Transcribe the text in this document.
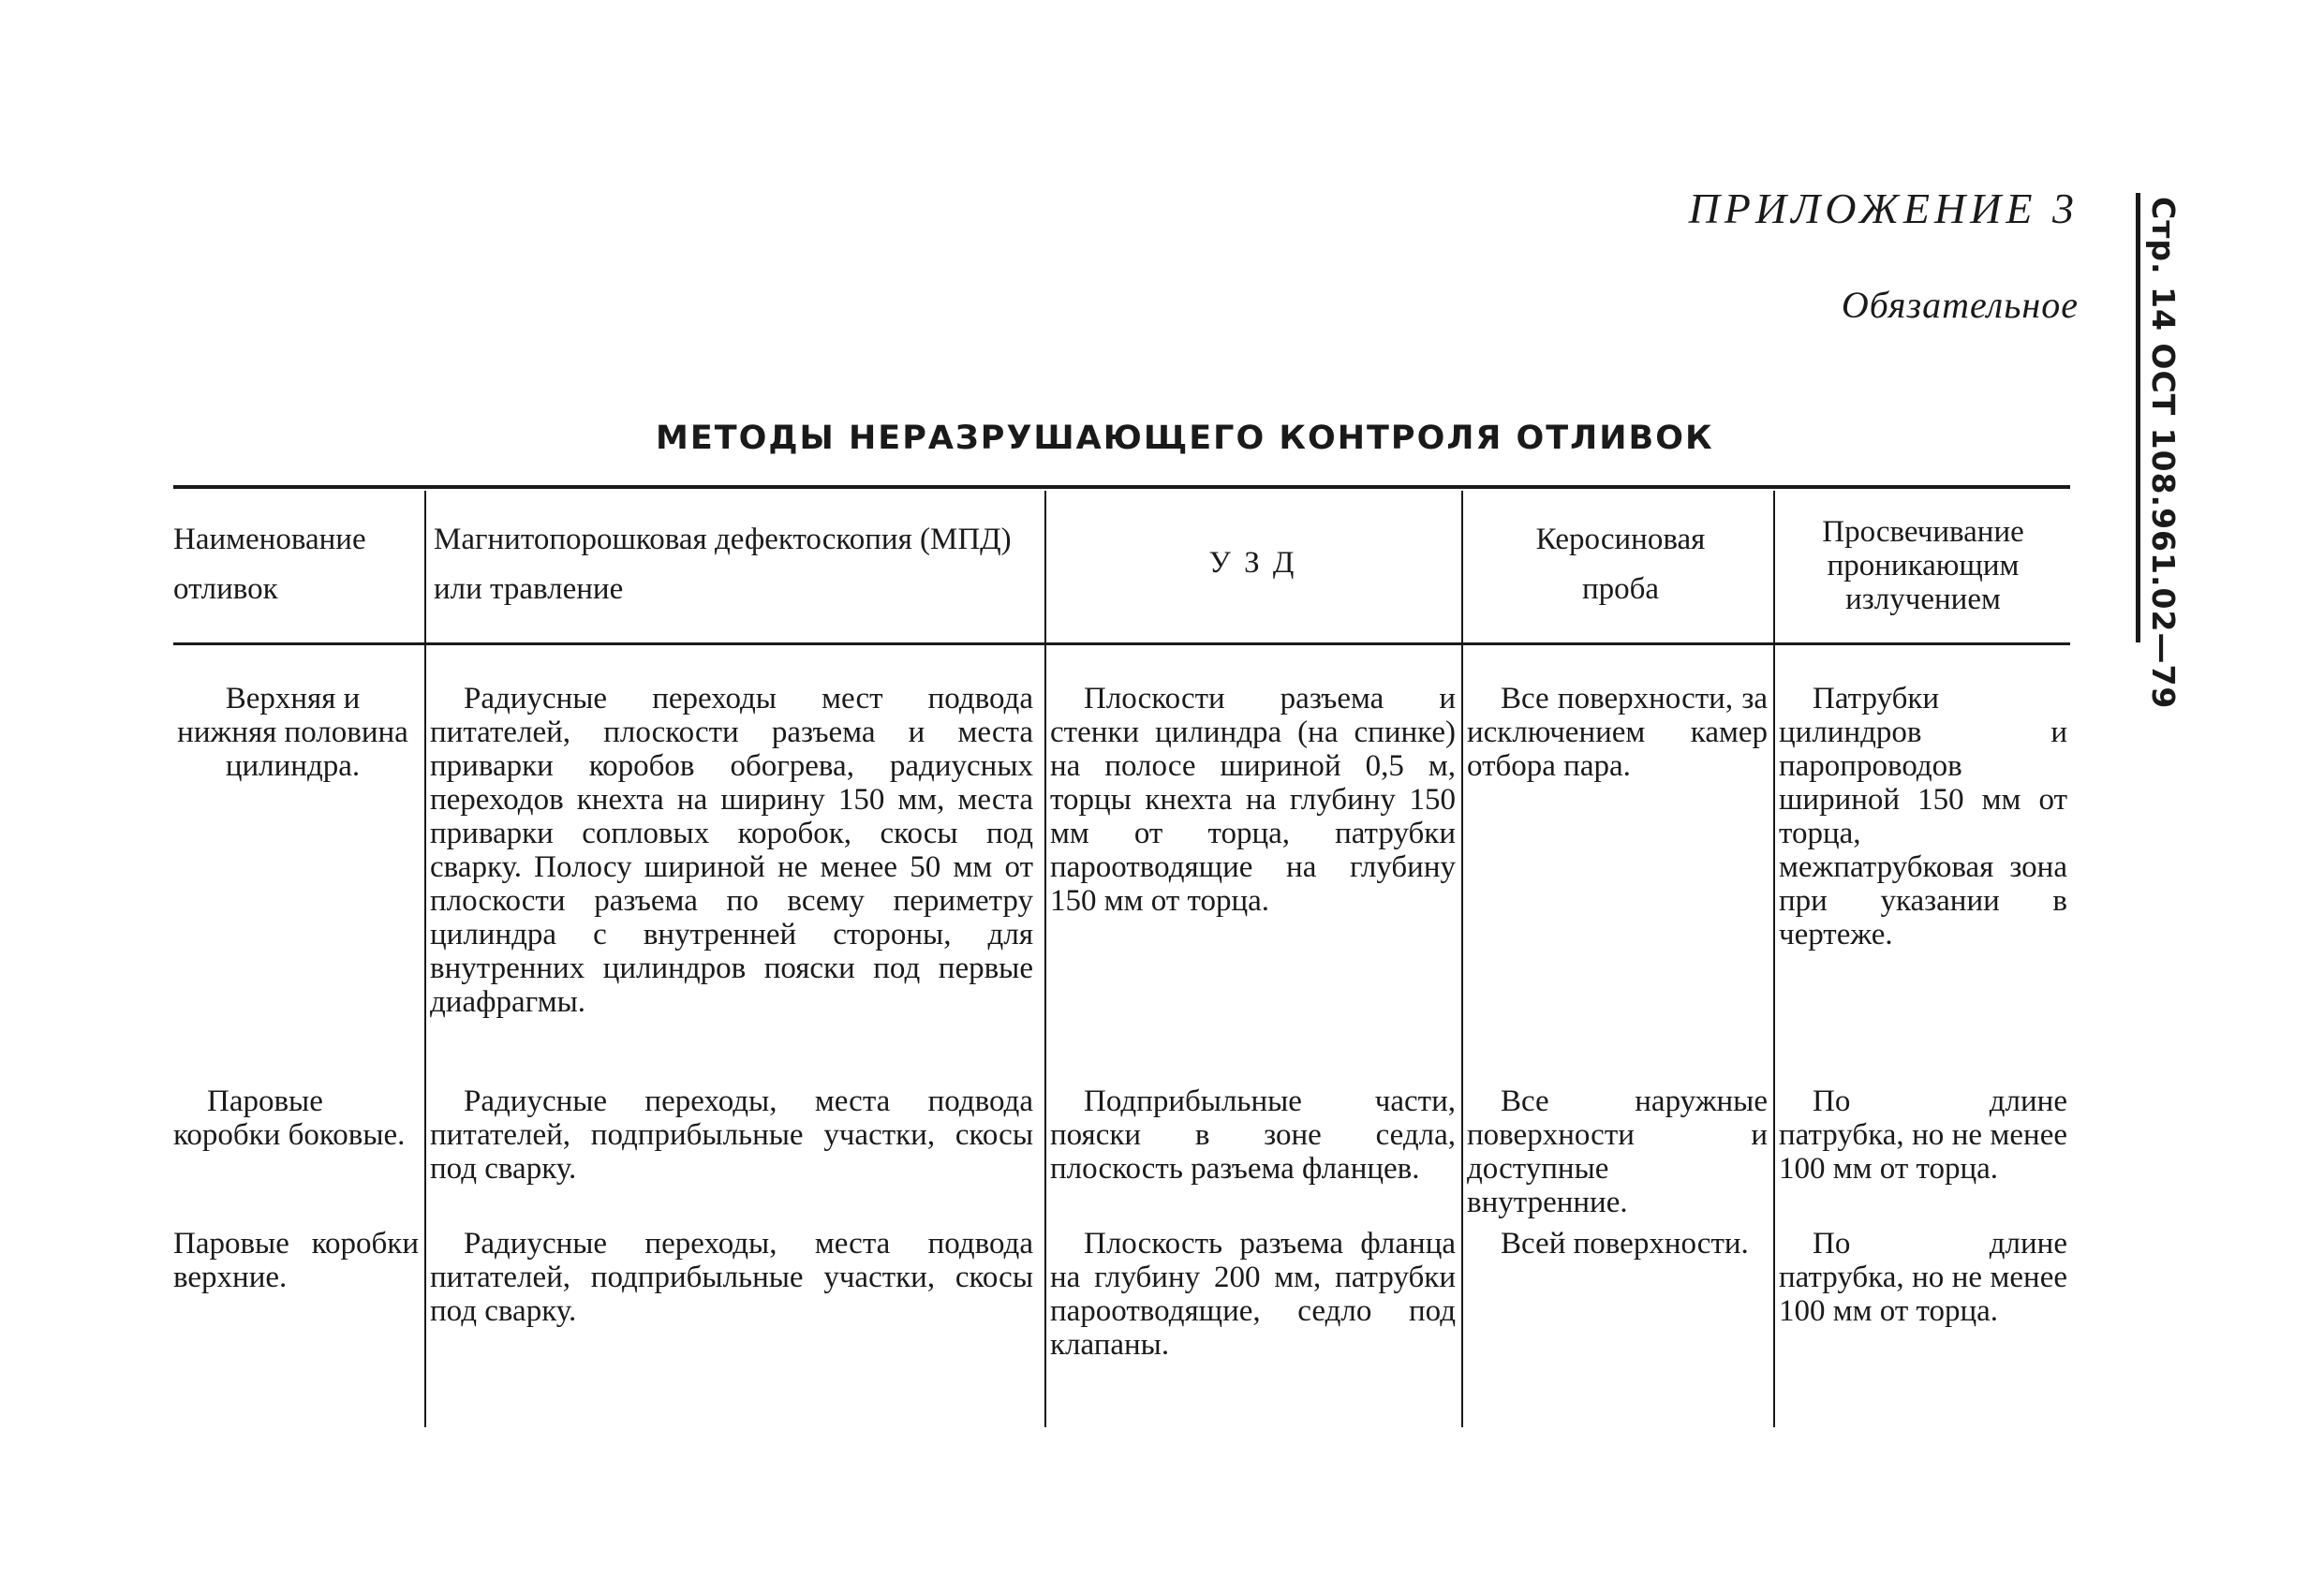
ПРИЛОЖЕНИЕ 3
Обязательное Стр. 14 ОСТ 108.961.02—79
МЕТОДЫ НЕРАЗРУШАЮЩЕГО КОНТРОЛЯ ОТЛИВОК
Наименование отливок
Магнитопорошковая дефектоскопия (МПД) или травление
У З Д
Керосиновая проба
Просвечивание проникающим излучением
Верхняя и нижняя половина цилиндра.
Радиусные переходы мест подвода питателей, плоскости разъема и места приварки коробов обогрева, радиусных переходов кнехта на ширину 150 мм, места приварки сопловых коробок, скосы под сварку. Полосу шириной не менее 50 мм от плоскости разъема по всему периметру цилиндра с внутренней стороны, для внутренних цилиндров пояски под первые диафрагмы.
Плоскости разъема и стенки цилиндра (на спинке) на полосе шириной 0,5 м, торцы кнехта на глубину 150 мм от торца, патрубки пароотводящие на глубину 150 мм от торца.
Все поверхности, за исключением камер отбора пара.
Патрубки цилиндров и паропроводов шириной 150 мм от торца, межпатрубковая зона при указании в чертеже.
Паровые коробки боковые.
Радиусные переходы, места подвода питателей, подприбыльные участки, скосы под сварку.
Подприбыльные части, пояски в зоне седла, плоскость разъема фланцев.
Все наружные поверхности и доступные внутренние.
По длине патрубка, но не менее 100 мм от торца.
Паровые коробки верхние.
Радиусные переходы, места подвода питателей, подприбыльные участки, скосы под сварку.
Плоскость разъема фланца на глубину 200 мм, патрубки пароотводящие, седло под клапаны.
Всей поверхности.	По длине патрубка, но не менее 100 мм от торца.
